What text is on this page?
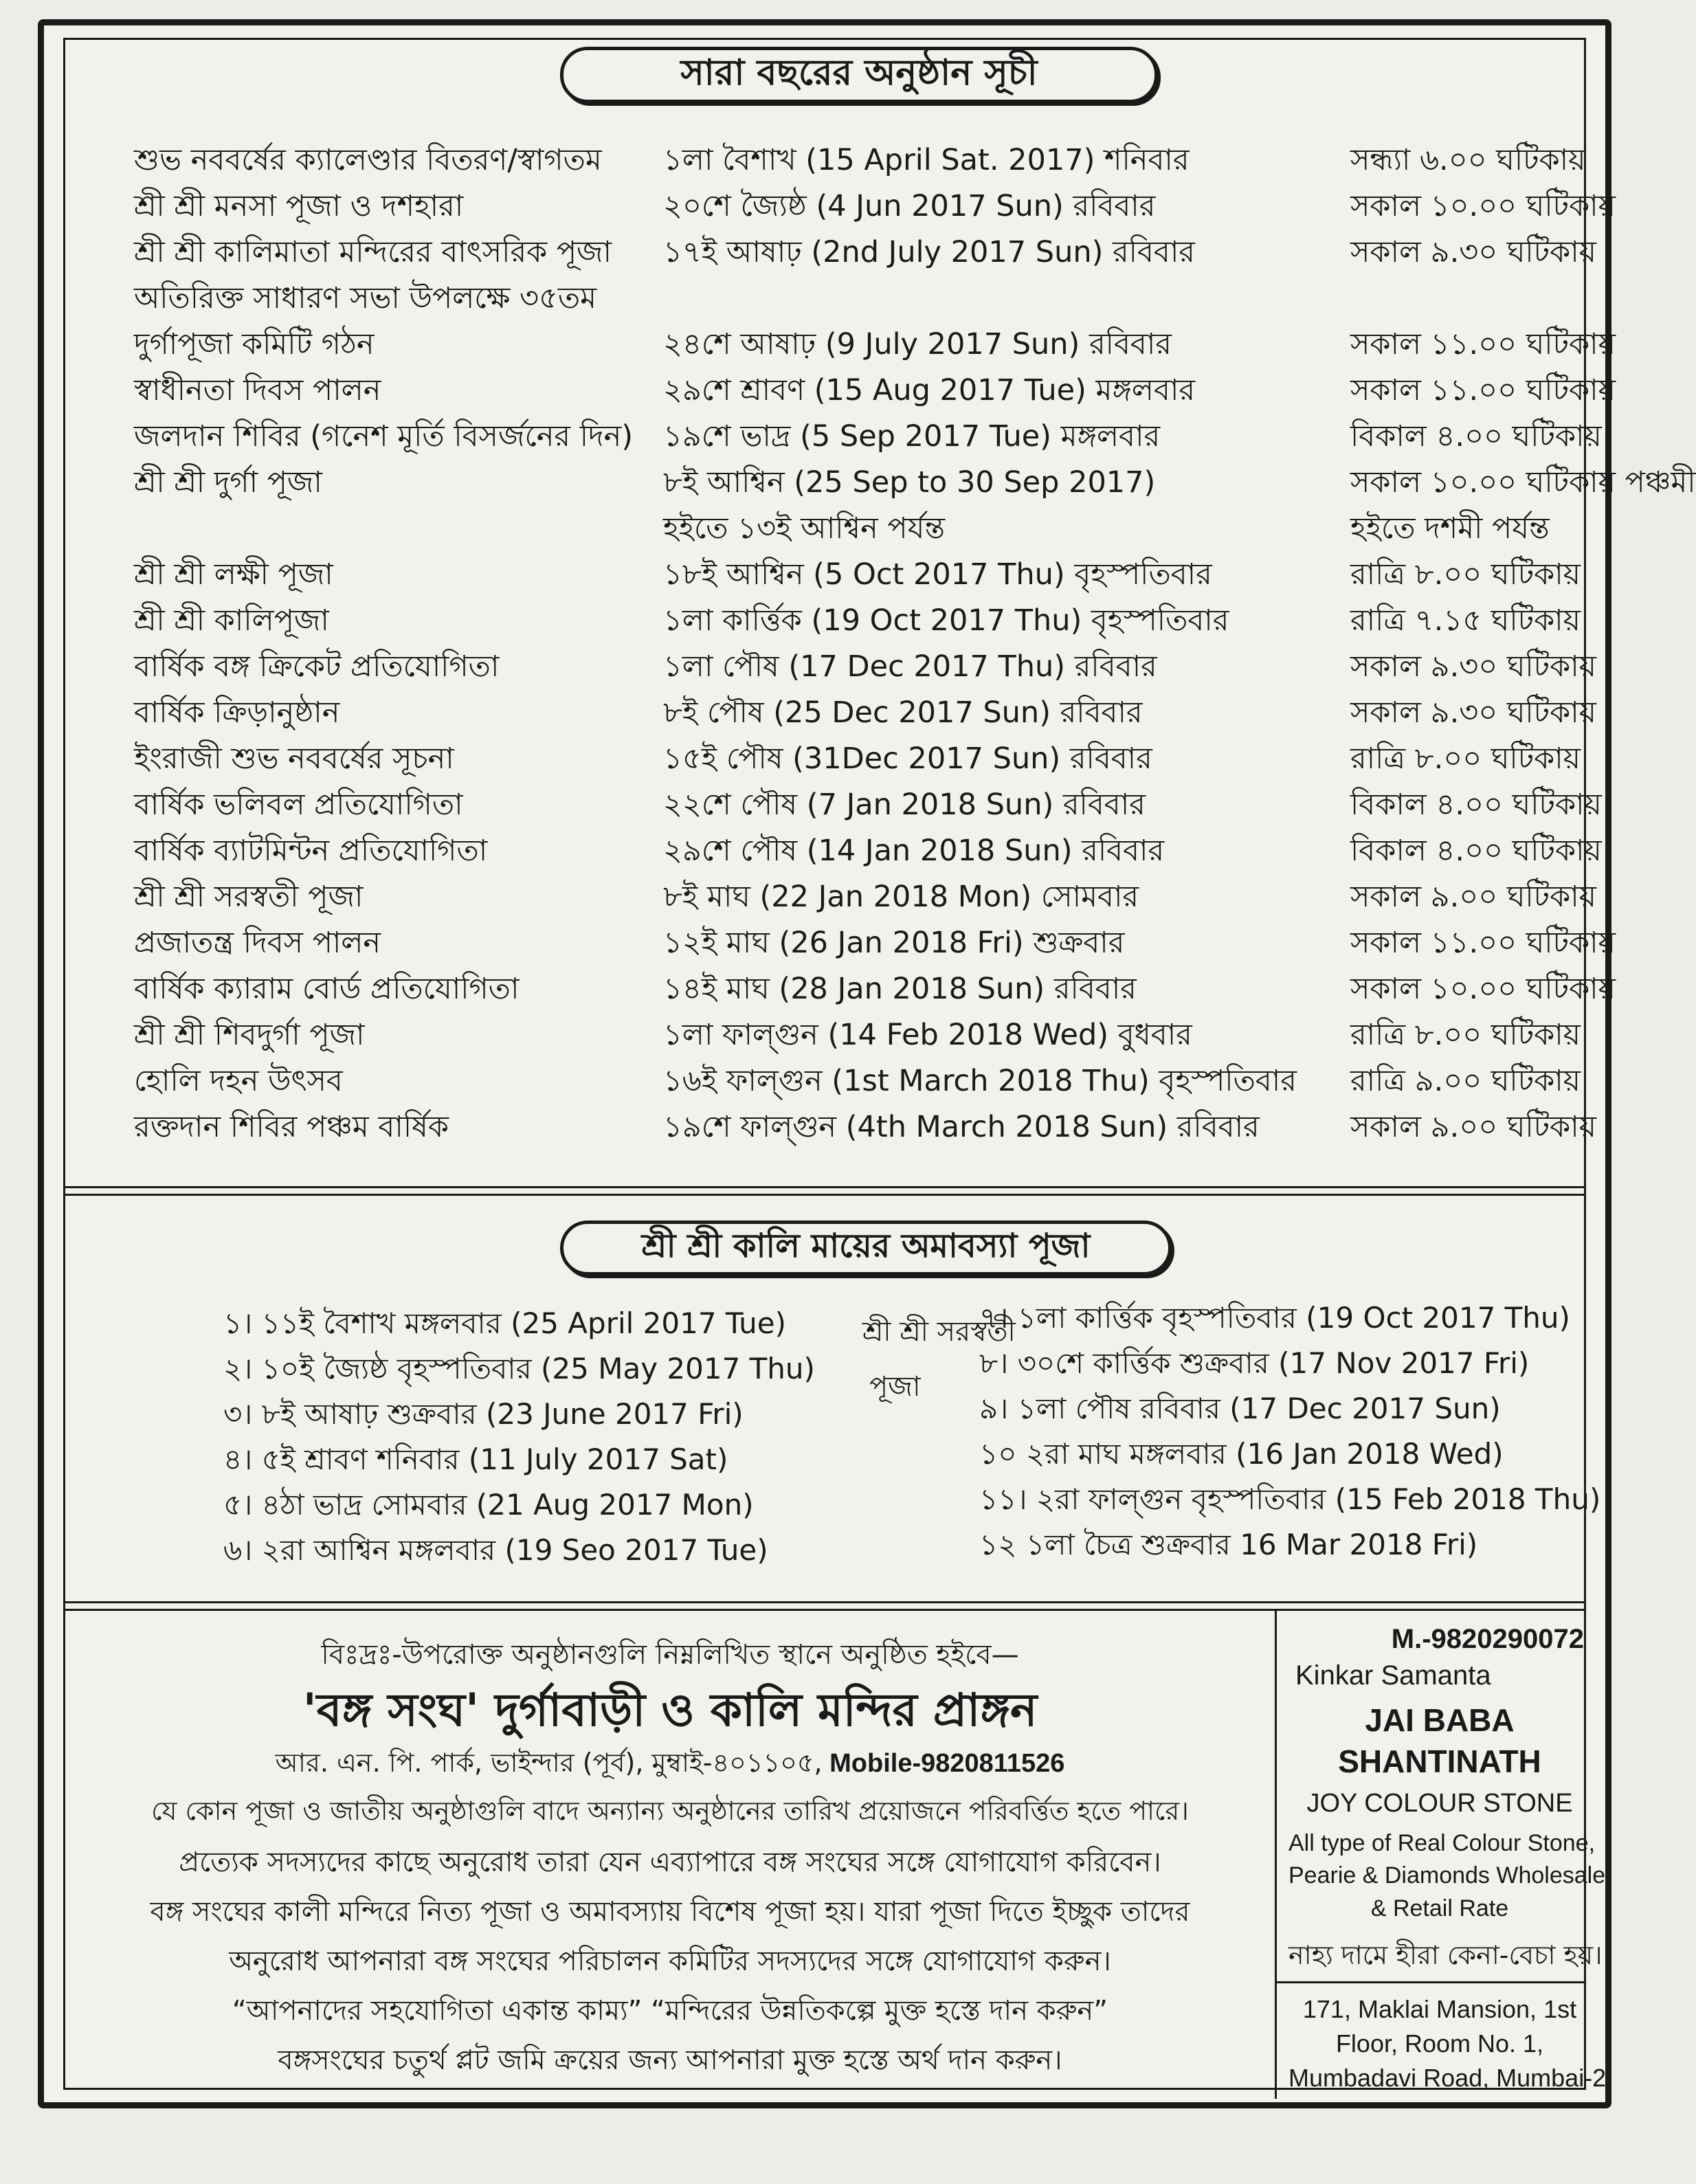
সারা বছরের অনুষ্ঠান সূচী
শুভ নববর্ষের ক্যালেণ্ডার বিতরণ/স্বাগতম ১লা বৈশাখ (15 April Sat. 2017) শনিবার	সন্ধ্যা ৬.০০ ঘটিকায়
শ্রী শ্রী মনসা পূজা ও দশহারা	২০শে জ্যৈষ্ঠ (4 Jun 2017 Sun) রবিবার	সকাল ১০.০০ ঘটিকায়
শ্রী শ্রী কালিমাতা মন্দিরের বাৎসরিক পূজা ১৭ই আষাঢ় (2nd July 2017 Sun) রবিবার	সকাল ৯.৩০ ঘটিকায়
অতিরিক্ত সাধারণ সভা উপলক্ষে ৩৫তম
দুর্গাপূজা কমিটি গঠন	২৪শে আষাঢ় (9 July 2017 Sun) রবিবার	সকাল ১১.০০ ঘটিকায়
স্বাধীনতা দিবস পালন	২৯শে শ্রাবণ (15 Aug 2017 Tue) মঙ্গলবার	সকাল ১১.০০ ঘটিকায়
জলদান শিবির (গনেশ মূর্তি বিসর্জনের দিন) ১৯শে ভাদ্র (5 Sep 2017 Tue) মঙ্গলবার	বিকাল ৪.০০ ঘটিকায়
শ্রী শ্রী দুর্গা পূজা	৮ই আশ্বিন (25 Sep to 30 Sep 2017)	সকাল ১০.০০ ঘটিকায় পঞ্চমী
হইতে ১৩ই আশ্বিন পর্যন্ত	হইতে দশমী পর্যন্ত
শ্রী শ্রী লক্ষী পূজা	১৮ই আশ্বিন (5 Oct 2017 Thu) বৃহস্পতিবার	রাত্রি ৮.০০ ঘটিকায়
শ্রী শ্রী কালিপূজা	১লা কার্ত্তিক (19 Oct 2017 Thu) বৃহস্পতিবার	রাত্রি ৭.১৫ ঘটিকায়
বার্ষিক বঙ্গ ক্রিকেট প্রতিযোগিতা	১লা পৌষ (17 Dec 2017 Thu) রবিবার	সকাল ৯.৩০ ঘটিকায়
বার্ষিক ক্রিড়ানুষ্ঠান	৮ই পৌষ (25 Dec 2017 Sun) রবিবার	সকাল ৯.৩০ ঘটিকায়
ইংরাজী শুভ নববর্ষের সূচনা	১৫ই পৌষ (31Dec 2017 Sun) রবিবার	রাত্রি ৮.০০ ঘটিকায়
বার্ষিক ভলিবল প্রতিযোগিতা	২২শে পৌষ (7 Jan 2018 Sun) রবিবার	বিকাল ৪.০০ ঘটিকায়
বার্ষিক ব্যাটমিন্টন প্রতিযোগিতা	২৯শে পৌষ (14 Jan 2018 Sun) রবিবার	বিকাল ৪.০০ ঘটিকায়
শ্রী শ্রী সরস্বতী পূজা	৮ই মাঘ (22 Jan 2018 Mon) সোমবার	সকাল ৯.০০ ঘটিকায়
প্রজাতন্ত্র দিবস পালন	১২ই মাঘ (26 Jan 2018 Fri) শুক্রবার	সকাল ১১.০০ ঘটিকায়
বার্ষিক ক্যারাম বোর্ড প্রতিযোগিতা	১৪ই মাঘ (28 Jan 2018 Sun) রবিবার	সকাল ১০.০০ ঘটিকায়
শ্রী শ্রী শিবদুর্গা পূজা	১লা ফাল্গুন (14 Feb 2018 Wed) বুধবার	রাত্রি ৮.০০ ঘটিকায়
হোলি দহন উৎসব	১৬ই ফাল্গুন (1st March 2018 Thu) বৃহস্পতিবার রাত্রি ৯.০০ ঘটিকায়
রক্তদান শিবির পঞ্চম বার্ষিক	১৯শে ফাল্গুন (4th March 2018 Sun) রবিবার	সকাল ৯.০০ ঘটিকায়
শ্রী শ্রী কালি মায়ের অমাবস্যা পূজা
১। ১১ই বৈশাখ মঙ্গলবার (25 April 2017 Tue)
২। ১০ই জ্যৈষ্ঠ বৃহস্পতিবার (25 May 2017 Thu)
৩। ৮ই আষাঢ় শুক্রবার (23 June 2017 Fri)
৪। ৫ই শ্রাবণ শনিবার (11 July 2017 Sat)
৫। ৪ঠা ভাদ্র সোমবার (21 Aug 2017 Mon)
৬। ২রা আশ্বিন মঙ্গলবার (19 Seo 2017 Tue)
৭। ১লা কার্ত্তিক বৃহস্পতিবার (19 Oct 2017 Thu)
৮। ৩০শে কার্ত্তিক শুক্রবার (17 Nov 2017 Fri)
৯। ১লা পৌষ রবিবার (17 Dec 2017 Sun)
১০ ২রা মাঘ মঙ্গলবার (16 Jan 2018 Wed)
১১। ২রা ফাল্গুন বৃহস্পতিবার (15 Feb 2018 Thu)
১২ ১লা চৈত্র শুক্রবার 16 Mar 2018 Fri)
শ্রী শ্রী সরস্বতী
পূজা
বিঃদ্রঃ-উপরোক্ত অনুষ্ঠানগুলি নিম্নলিখিত স্থানে অনুষ্ঠিত হইবে—
'বঙ্গ সংঘ' দুর্গাবাড়ী ও কালি মন্দির প্রাঙ্গন
আর. এন. পি. পার্ক, ভাইন্দার (পূর্ব), মুম্বাই-৪০১১০৫, Mobile-9820811526
যে কোন পূজা ও জাতীয় অনুষ্ঠাগুলি বাদে অন্যান্য অনুষ্ঠানের তারিখ প্রয়োজনে পরিবর্ত্তিত হতে পারে।
প্রত্যেক সদস্যদের কাছে অনুরোধ তারা যেন এব্যাপারে বঙ্গ সংঘের সঙ্গে যোগাযোগ করিবেন।
বঙ্গ সংঘের কালী মন্দিরে নিত্য পূজা ও অমাবস্যায় বিশেষ পূজা হয়। যারা পূজা দিতে ইচ্ছুক তাদের
অনুরোধ আপনারা বঙ্গ সংঘের পরিচালন কমিটির সদস্যদের সঙ্গে যোগাযোগ করুন।
“আপনাদের সহযোগিতা একান্ত কাম্য” “মন্দিরের উন্নতিকল্পে মুক্ত হস্তে দান করুন”
বঙ্গসংঘের চতুর্থ প্লট জমি ক্রয়ের জন্য আপনারা মুক্ত হস্তে অর্থ দান করুন।
M.-9820290072
Kinkar Samanta
JAI BABA
SHANTINATH
JOY COLOUR STONE
All type of Real Colour Stone,
Pearie & Diamonds Wholesale
& Retail Rate
নাহ্য দামে হীরা কেনা-বেচা হয়।
171, Maklai Mansion, 1st
Floor, Room No. 1,
Mumbadavi Road, Mumbai-2
